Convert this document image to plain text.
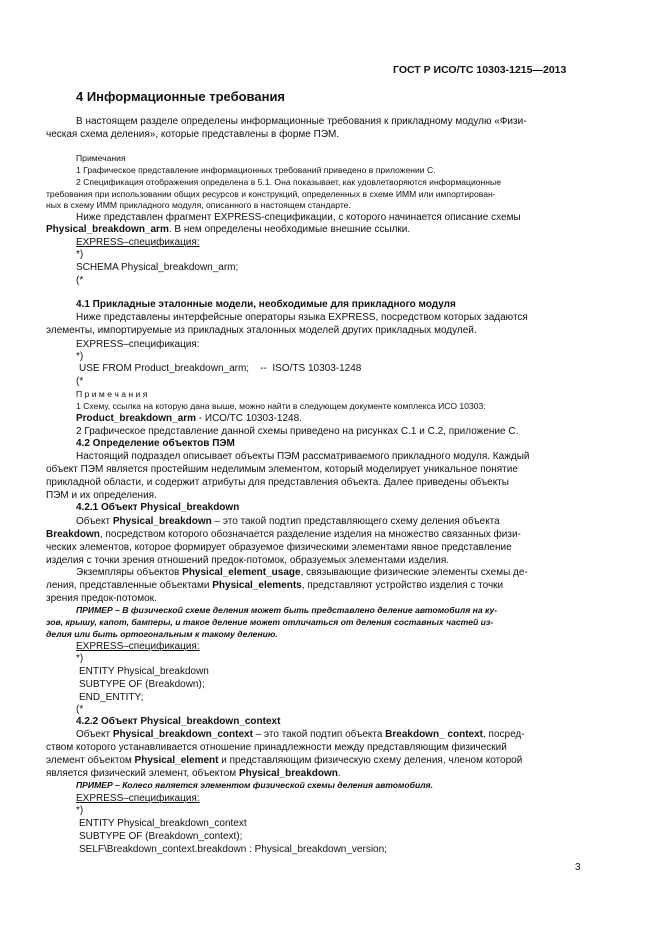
ГОСТ Р ИСО/ТС 10303-1215—2013
4 Информационные требования
В настоящем разделе определены информационные требования к прикладному модулю «Физи-
ческая схема деления», которые представлены в форме ПЭМ.
Примечания
1 Графическое представление информационных требований приведено в приложении С.
2 Спецификация отображения определена в 5.1. Она показывает, как удовлетворяются информационные
требования при использовании общих ресурсов и конструкций, определенных в схеме ИММ или импортирован-
ных в схему ИММ прикладного модуля, описанного в настоящем стандарте.
Ниже представлен фрагмент EXPRESS-спецификации, с которого начинается описание схемы
Physical_breakdown_arm. В нем определены необходимые внешние ссылки.
EXPRESS–спецификация:
*)
SCHEMA Physical_breakdown_arm;
(*
4.1 Прикладные эталонные модели, необходимые для прикладного модуля
Ниже представлены интерфейсные операторы языка EXPRESS, посредством которых задаются
элементы, импортируемые из прикладных эталонных моделей других прикладных модулей.
EXPRESS–спецификация:
*)
USE FROM Product_breakdown_arm;    --  ISO/TS 10303-1248
(*
П р и м е ч а н и я
1 Схему, ссылка на которую дана выше, можно найти в следующем документе комплекса ИСО 10303:
Product_breakdown_arm - ИСО/ТС 10303-1248.
2 Графическое представление данной схемы приведено на рисунках С.1 и С.2, приложение С.
4.2 Определение объектов ПЭМ
Настоящий подраздел описывает объекты ПЭМ рассматриваемого прикладного модуля. Каждый
объект ПЭМ является простейшим неделимым элементом, который моделирует уникальное понятие
прикладной области, и содержит атрибуты для представления объекта. Далее приведены объекты
ПЭМ и их определения.
4.2.1 Объект Physical_breakdown
Объект Physical_breakdown – это такой подтип представляющего схему деления объекта
Breakdown, посредством которого обозначается разделение изделия на множество связанных физи-
ческих элементов, которое формирует образуемое физическими элементами явное представление
изделия с точки зрения отношений предок-потомок, образуемых элементами изделия.
Экземпляры объектов Physical_element_usage, связывающие физические элементы схемы де-
ления, представленные объектами Physical_elements, представляют устройство изделия с точки
зрения предок-потомок.
ПРИМЕР – В физической схеме деления может быть представлено деление автомобиля на ку-
зов, крышу, капот, бамперы, и такое деление может отличаться от деления составных частей из-
делия или быть ортогональным к такому делению.
EXPRESS–спецификация:
*)
ENTITY Physical_breakdown
SUBTYPE OF (Breakdown);
END_ENTITY;
(*
4.2.2 Объект Physical_breakdown_context
Объект Physical_breakdown_context – это такой подтип объекта Breakdown_ context, посред-
ством которого устанавливается отношение принадлежности между представляющим физический
элемент объектом Physical_element и представляющим физическую схему деления, членом которой
является физический элемент, объектом Physical_breakdown.
ПРИМЕР – Колесо является элементом физической схемы деления автомобиля.
EXPRESS–спецификация:
*)
ENTITY Physical_breakdown_context
SUBTYPE OF (Breakdown_context);
SELF\Breakdown_context.breakdown : Physical_breakdown_version;
3
